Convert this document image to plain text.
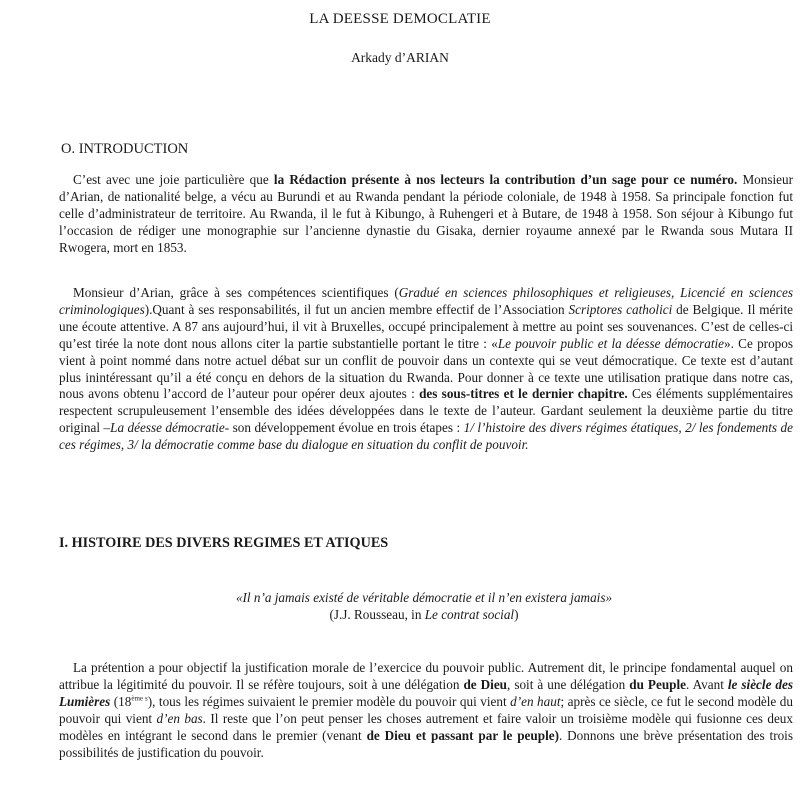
LA DEESSE DEMOCLATIE
Arkady d’ARIAN
O. INTRODUCTION
C’est avec une joie particulière que la Rédaction présente à nos lecteurs la contribution d’un sage pour ce numéro. Monsieur d’Arian, de nationalité belge, a vécu au Burundi et au Rwanda pendant la période coloniale, de 1948 à 1958. Sa principale fonction fut celle d’administrateur de territoire. Au Rwanda, il le fut à Kibungo, à Ruhengeri et à Butare, de 1948 à 1958. Son séjour à Kibungo fut l’occasion de rédiger une monographie sur l’ancienne dynastie du Gisaka, dernier royaume annexé par le Rwanda sous Mutara II Rwogera, mort en 1853.
Monsieur d’Arian, grâce à ses compétences scientifiques (Gradué en sciences philosophiques et religieuses, Licencié en sciences criminologiques).Quant à ses responsabilités, il fut un ancien membre effectif de l’Association Scriptores catholici de Belgique. Il mérite une écoute attentive. A 87 ans aujourd’hui, il vit à Bruxelles, occupé principalement à mettre au point ses souvenances. C’est de celles-ci qu’est tirée la note dont nous allons citer la partie substantielle portant le titre : «Le pouvoir public et la déesse démocratie». Ce propos vient à point nommé dans notre actuel débat sur un conflit de pouvoir dans un contexte qui se veut démocratique. Ce texte est d’autant plus inintéressant qu’il a été conçu en dehors de la situation du Rwanda. Pour donner à ce texte une utilisation pratique dans notre cas, nous avons obtenu l’accord de l’auteur pour opérer deux ajoutes : des sous-titres et le dernier chapitre. Ces éléments supplémentaires respectent scrupuleusement l’ensemble des idées développées dans le texte de l’auteur. Gardant seulement la deuxième partie du titre original –La déesse démocratie- son développement évolue en trois étapes : 1/ l’histoire des divers régimes étatiques, 2/ les fondements de ces régimes, 3/ la démocratie comme base du dialogue en situation du conflit de pouvoir.
I. HISTOIRE DES DIVERS REGIMES ET ATIQUES
«Il n’a jamais existé de véritable démocratie et il n’en existera jamais»
(J.J. Rousseau, in Le contrat social)
La prétention a pour objectif la justification morale de l’exercice du pouvoir public. Autrement dit, le principe fondamental auquel on attribue la légitimité du pouvoir. Il se réfère toujours, soit à une délégation de Dieu, soit à une délégation du Peuple. Avant le siècle des Lumières $(18^{ème s})$, tous les régimes suivaient le premier modèle du pouvoir qui vient d’en haut; après ce siècle, ce fut le second modèle du pouvoir qui vient d’en bas. Il reste que l’on peut penser les choses autrement et faire valoir un troisième modèle qui fusionne ces deux modèles en intégrant le second dans le premier (venant de Dieu et passant par le peuple). Donnons une brève présentation des trois possibilités de justification du pouvoir.
